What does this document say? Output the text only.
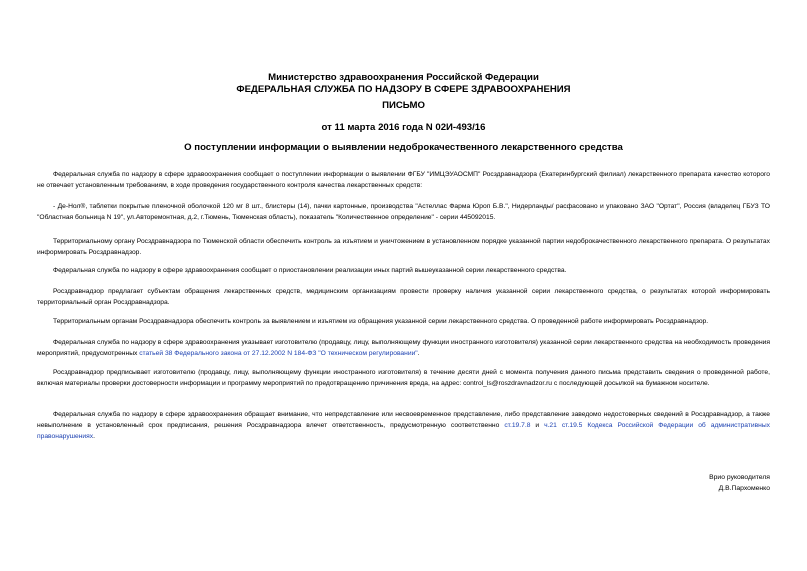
Министерство здравоохранения Российской Федерации
ФЕДЕРАЛЬНАЯ СЛУЖБА ПО НАДЗОРУ В СФЕРЕ ЗДРАВООХРАНЕНИЯ
ПИСЬМО
от 11 марта 2016 года N 02И-493/16
О поступлении информации о выявлении недоброкачественного лекарственного средства
Федеральная служба по надзору в сфере здравоохранения сообщает о поступлении информации о выявлении ФГБУ "ИМЦЭУАОСМП" Росздравнадзора (Екатеринбургский филиал) лекарственного препарата качество которого не отвечает установленным требованиям, в ходе проведения государственного контроля качества лекарственных средств:
- Де-Нол®, таблетки покрытые пленочной оболочкой 120 мг 8 шт., блистеры (14), пачки картонные, производства "Астеллас Фарма Юроп Б.В.", Нидерланды/ расфасовано и упаковано ЗАО "Ортат", Россия (владелец ГБУЗ ТО "Областная больница N 19", ул.Авторемонтная, д.2, г.Тюмень, Тюменская область), показатель "Количественное определение" - серии 445092015.
Территориальному органу Росздравнадзора по Тюменской области обеспечить контроль за изъятием и уничтожением в установленном порядке указанной партии недоброкачественного лекарственного препарата. О результатах информировать Росздравнадзор.
Федеральная служба по надзору в сфере здравоохранения сообщает о приостановлении реализации иных партий вышеуказанной серии лекарственного средства.
Росздравнадзор предлагает субъектам обращения лекарственных средств, медицинским организациям провести проверку наличия указанной серии лекарственного средства, о результатах которой информировать территориальный орган Росздравнадзора.
Территориальным органам Росздравнадзора обеспечить контроль за выявлением и изъятием из обращения указанной серии лекарственного средства. О проведенной работе информировать Росздравнадзор.
Федеральная служба по надзору в сфере здравоохранения указывает изготовителю (продавцу, лицу, выполняющему функции иностранного изготовителя) указанной серии лекарственного средства на необходимость проведения мероприятий, предусмотренных статьей 38 Федерального закона от 27.12.2002 N 184-ФЗ "О техническом регулировании".
Росздравнадзор предписывает изготовителю (продавцу, лицу, выполняющему функции иностранного изготовителя) в течение десяти дней с момента получения данного письма представить сведения о проведенной работе, включая материалы проверки достоверности информации и программу мероприятий по предотвращению причинения вреда, на адрес: control_ls@roszdravnadzor.ru с последующей досылкой на бумажном носителе.
Федеральная служба по надзору в сфере здравоохранения обращает внимание, что непредставление или несвоевременное представление, либо представление заведомо недостоверных сведений в Росздравнадзор, а также невыполнение в установленный срок предписания, решения Росздравнадзора влечет ответственность, предусмотренную соответственно ст.19.7.8 и ч.21 ст.19.5 Кодекса Российской Федерации об административных правонарушениях.
Врио руководителя
Д.В.Пархоменко
